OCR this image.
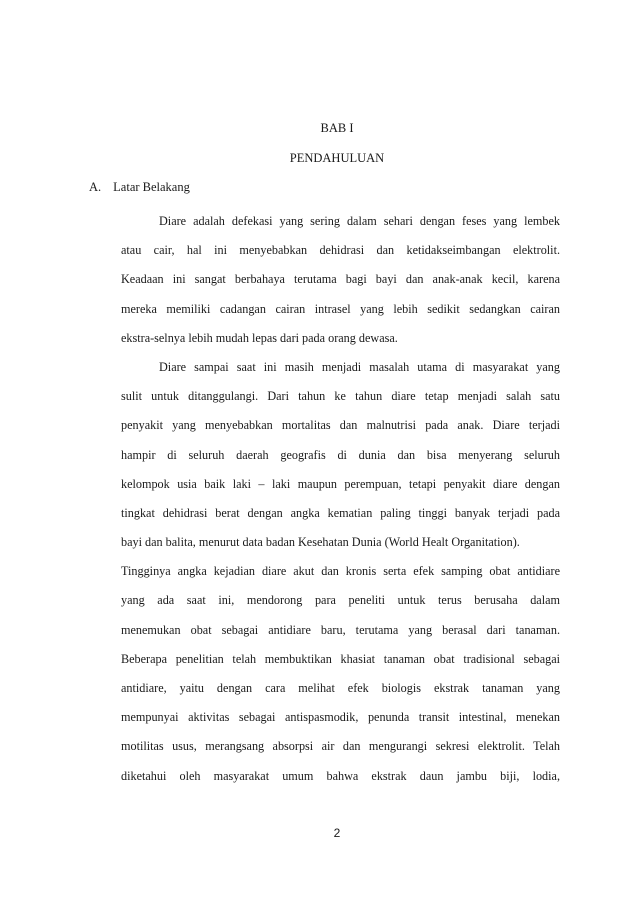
BAB I
PENDAHULUAN
A. Latar Belakang
Diare adalah defekasi yang sering dalam sehari dengan feses yang lembek
atau cair, hal ini menyebabkan dehidrasi dan ketidakseimbangan elektrolit.
Keadaan ini sangat berbahaya terutama bagi bayi dan anak-anak kecil, karena
mereka memiliki cadangan cairan intrasel yang lebih sedikit sedangkan cairan
ekstra-selnya lebih mudah lepas dari pada orang dewasa.
Diare sampai saat ini masih menjadi masalah utama di masyarakat yang
sulit untuk ditanggulangi. Dari tahun ke tahun diare tetap menjadi salah satu
penyakit yang menyebabkan mortalitas dan malnutrisi pada anak. Diare terjadi
hampir di seluruh daerah geografis di dunia dan bisa menyerang seluruh
kelompok usia baik laki – laki maupun perempuan, tetapi penyakit diare dengan
tingkat dehidrasi berat dengan angka kematian paling tinggi banyak terjadi pada
bayi dan balita, menurut data badan Kesehatan Dunia (World Healt Organitation).
Tingginya angka kejadian diare akut dan kronis serta efek samping obat antidiare
yang ada saat ini, mendorong para peneliti untuk terus berusaha dalam
menemukan obat sebagai antidiare baru, terutama yang berasal dari tanaman.
Beberapa penelitian telah membuktikan khasiat tanaman obat tradisional sebagai
antidiare, yaitu dengan cara melihat efek biologis ekstrak tanaman yang
mempunyai aktivitas sebagai antispasmodik, penunda transit intestinal, menekan
motilitas usus, merangsang absorpsi air dan mengurangi sekresi elektrolit. Telah
diketahui oleh masyarakat umum bahwa ekstrak daun jambu biji, lodia,
2
